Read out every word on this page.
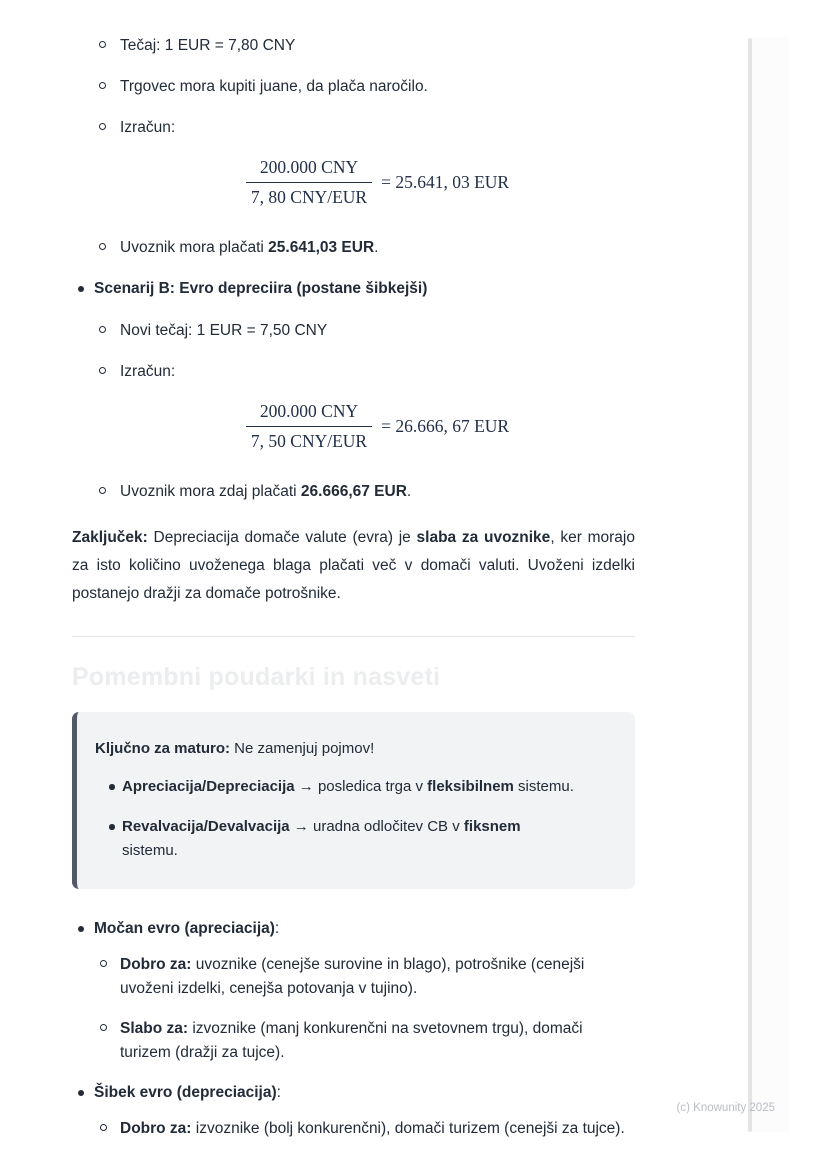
Tečaj: 1 EUR = 7,80 CNY
Trgovec mora kupiti juane, da plača naročilo.
Izračun:
$\frac{\text{200.000 CNY}}{\text{7, 80 CNY/EUR}} = 25.641$, 03 EUR
Uvoznik mora plačati 25.641,03 EUR.
Scenarij B: Evro depreciira (postane šibkejši)
Novi tečaj: 1 EUR = 7,50 CNY
Izračun:
$\frac{\text{200.000 CNY}}{\text{7, 50 CNY/EUR}} = 26.666$, 67 EUR
Uvoznik mora zdaj plačati 26.666,67 EUR.

Zaključek: Depreciacija domače valute (evra) je slaba za uvoznike, ker morajo za isto količino uvoženega blaga plačati več v domači valuti. Uvoženi izdelki postanejo dražji za domače potrošnike.

Pomembni poudarki in nasveti
Ključno za maturo: Ne zamenjuj pojmov!
Apreciacija/Depreciacija → posledica trga v fleksibilnem sistemu.
Revalvacija/Devalvacija → uradna odločitev CB v fiksnem
sistemu.
Močan evro (apreciacija):
Dobro za: uvoznike (cenejše surovine in blago), potrošnike (cenejši uvoženi izdelki, cenejša potovanja v tujino).
Slabo za: izvoznike (manj konkurenčni na svetovnem trgu), domači turizem (dražji za tujce).
Šibek evro (depreciacija):
Dobro za: izvoznike (bolj konkurenčni), domači turizem (cenejši za tujce).
(c) Knowunity 2025
